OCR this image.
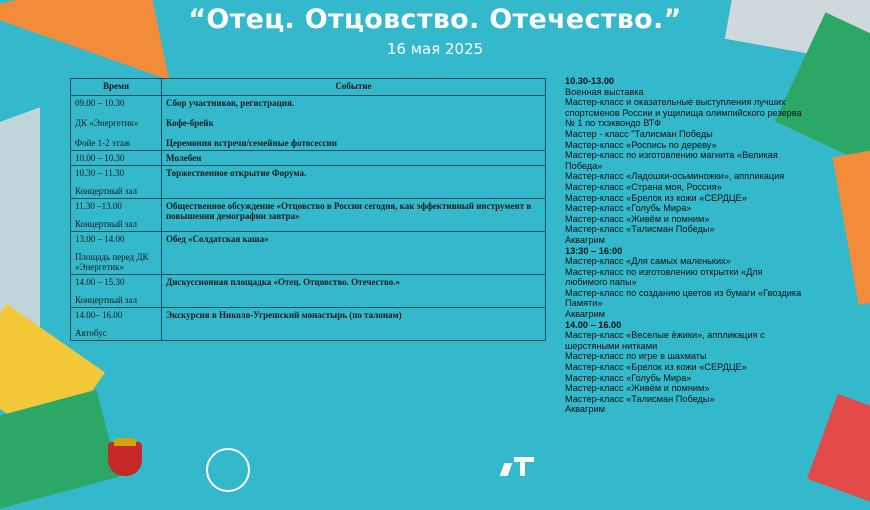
“Отец. Отцовство. Отечество.”
16 мая 2025
Время	Событие

09.00 – 10.30
ДК «Энергетик»
Фойе 1-2 этаж	Сбор участников, регистрация.
Кофе-брейк
Церемония встречи/семейные фотосессии

10.00 – 10.30	Молебен

10.30 – 11.30
Концертный зал	Торжественное открытие Форума.

11.30 –13.00
Концертный зал	Общественное обсуждение «Отцовство в России сегодня, как эффективный инструмент в повышении демографии завтра»

13.00 – 14.00
Площадь перед ДК «Энергетик»	Обед «Солдатская каша»

14.00 – 15.30
Концертный зал	Дискуссионная площадка «Отец. Отцовство. Отечество.»

14.00– 16.00
Автобус	Экскурсия в Николо-Угрешский монастырь (по талонам)
10.30-13.00
Военная выставка
Мастер-класс и оказательные выступления лучших спортсменов России и ущилища олимпийского резерва № 1 по тхэквондо ВТФ
Мастер - класс "Талисман Победы
Мастер-класс «Роспись по дереву»
Мастер-класс по изготовлению магнита «Великая Победа»
Мастер-класс «Ладошки-осьминожки», аппликация
Мастер-класс «Страна моя, Россия»
Мастер-класс «Брелок из кожи «СЕРДЦЕ»
Мастер-класс «Голубь Мира»
Мастер-класс «Живём и помним»
Мастер-класс «Талисман Победы»
Аквагрим
13:30 – 16:00
Мастер-класс «Для самых маленьких»
Мастер-класс по изготовлению открытки «Для любимого папы»
Мастер-класс по созданию цветов из бумаги «Гвоздика Памяти»
Аквагрим
14.00 – 16.00
Мастер-класс «Веселые ёжики», аппликация с шерстяными нитками
Мастер-класс по игре в шахматы
Мастер-класс «Брелок из кожи «СЕРДЦЕ»
Мастер-класс «Голубь Мира»
Мастер-класс «Живём и помним»
Мастер-класс «Талисман Победы»
Аквагрим
